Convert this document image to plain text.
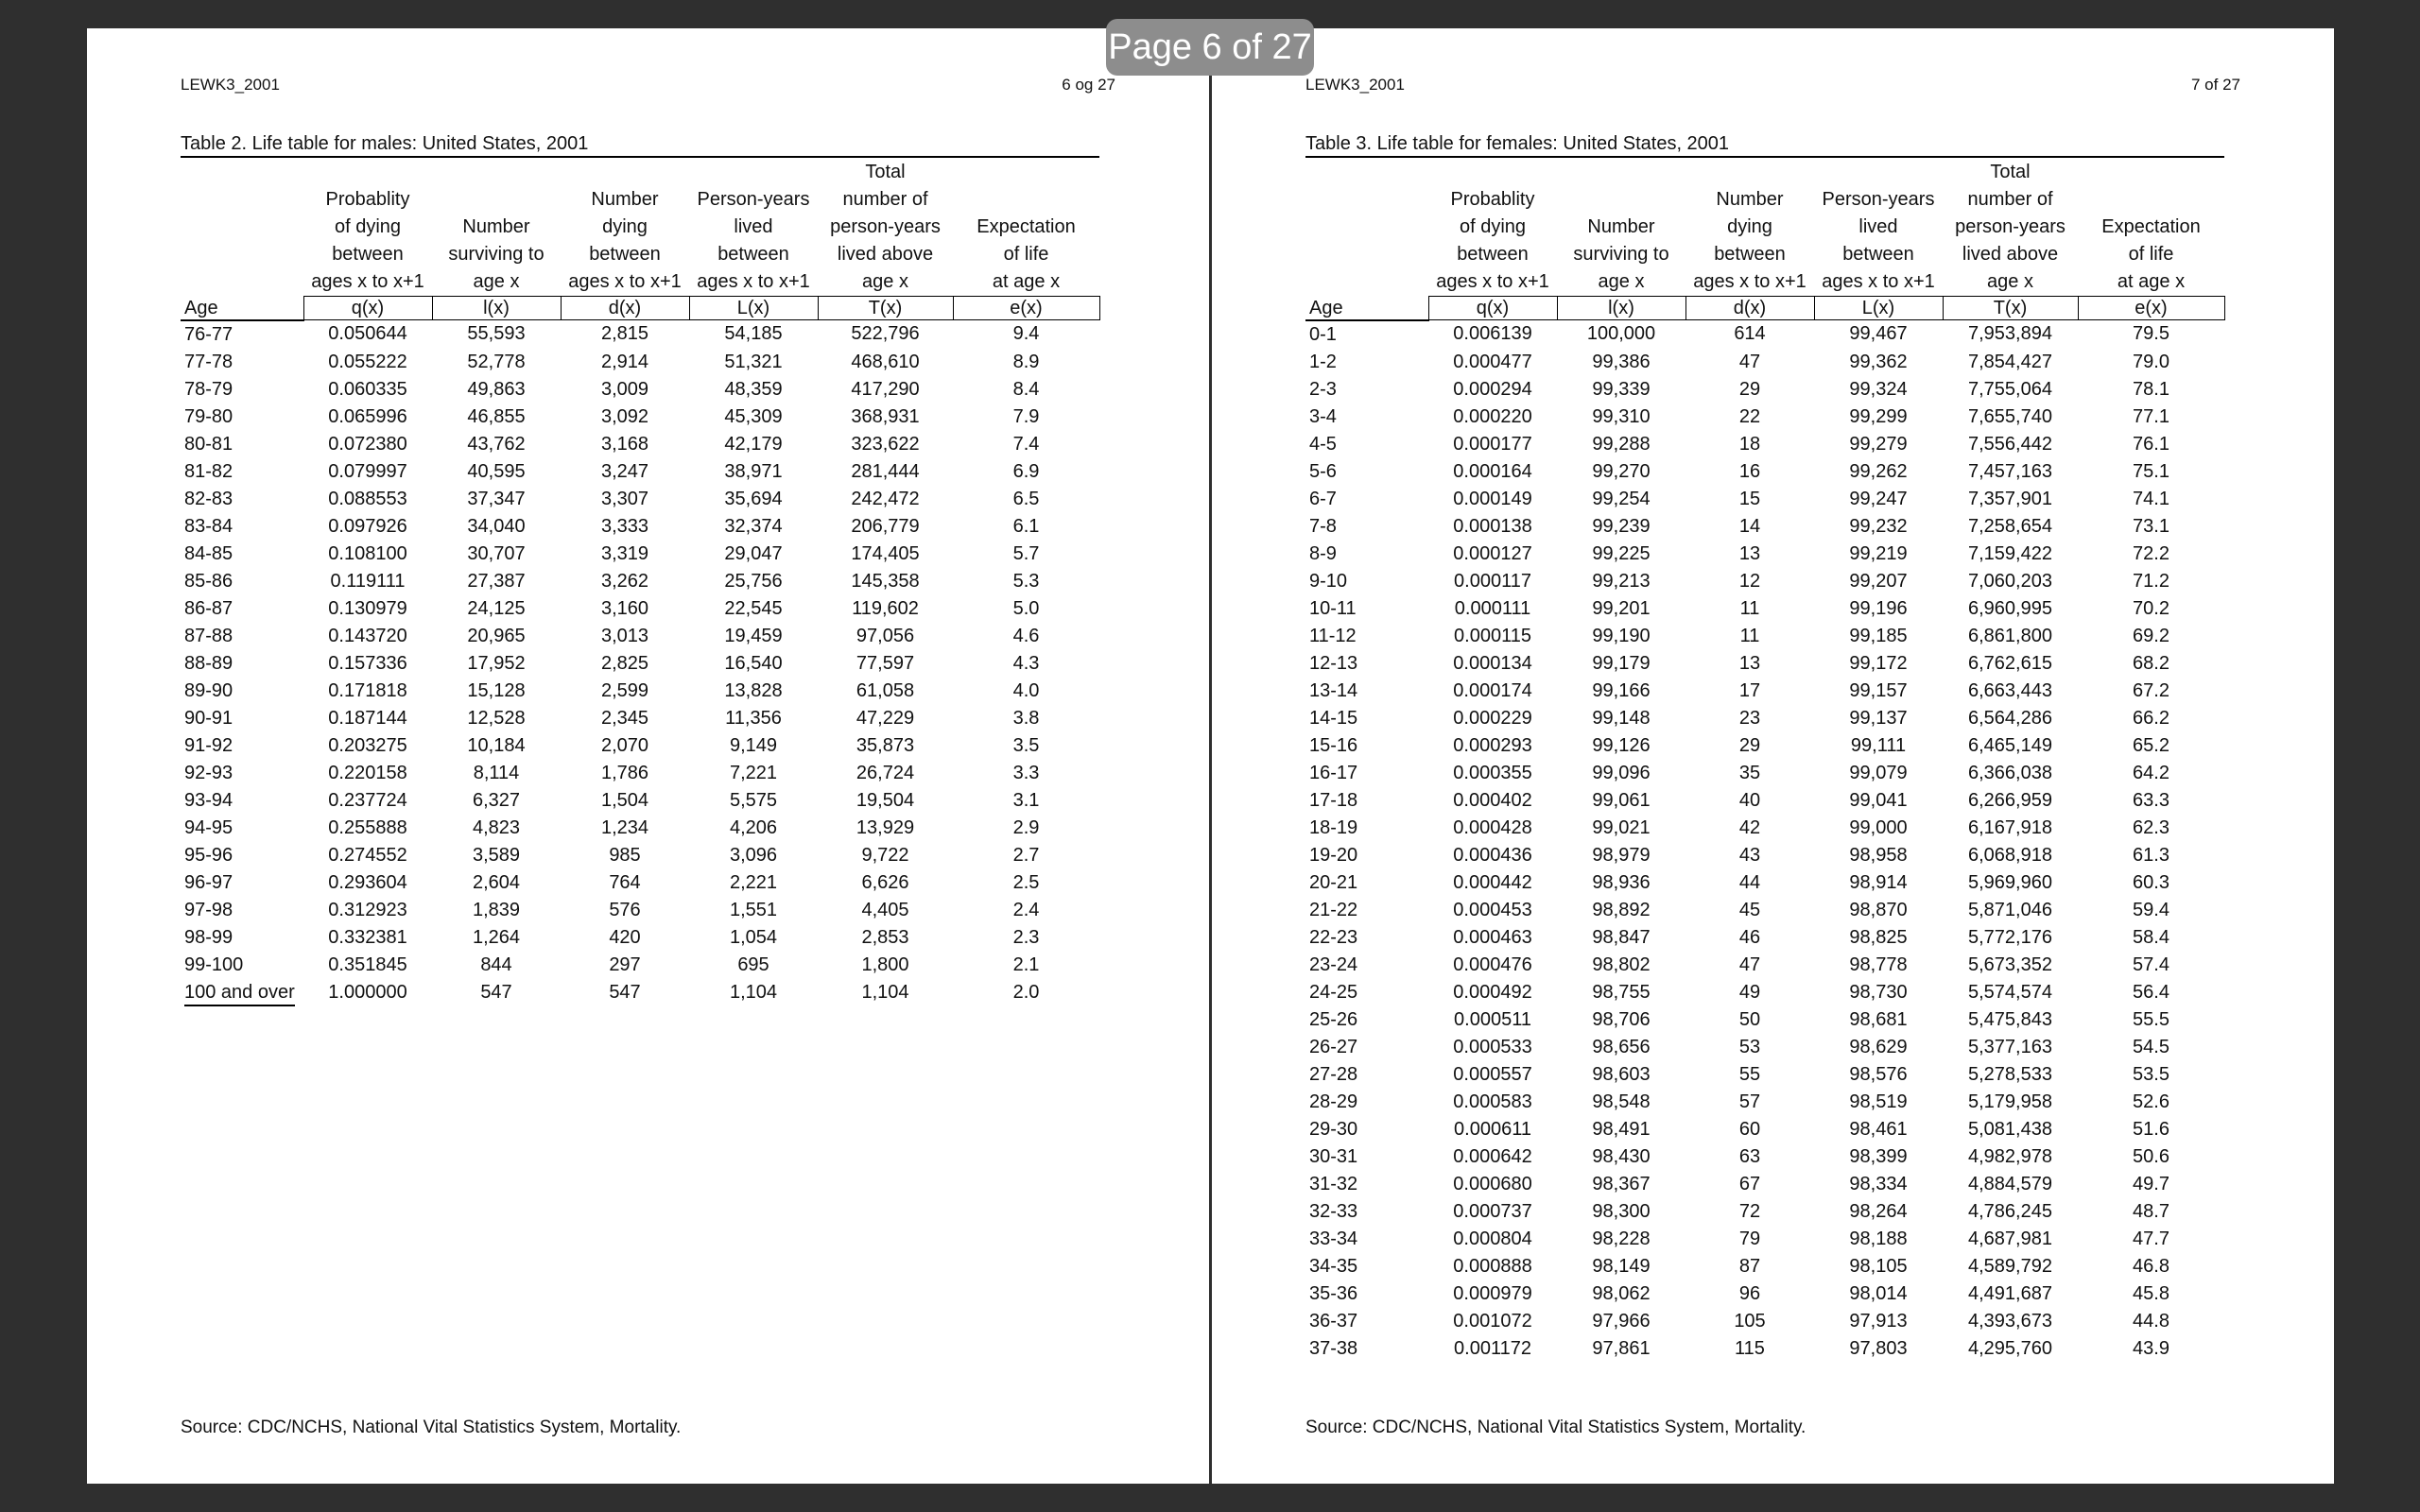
LEWK3_2001	6 og 27
Table 2. Life table for males: United States, 2001
					Total	
	Probablity		Number	Person-years	number of	
	of dying	Number	dying	lived	person-years	Expectation
	between	surviving to	between	between	lived above	of life
	ages x to x+1	age x	ages x to x+1	ages x to x+1	age x	at age x
Age	q(x)	l(x)	d(x)	L(x)	T(x)	e(x)
76-77	0.050644	55,593	2,815	54,185	522,796	9.4
77-78	0.055222	52,778	2,914	51,321	468,610	8.9
78-79	0.060335	49,863	3,009	48,359	417,290	8.4
79-80	0.065996	46,855	3,092	45,309	368,931	7.9
80-81	0.072380	43,762	3,168	42,179	323,622	7.4
81-82	0.079997	40,595	3,247	38,971	281,444	6.9
82-83	0.088553	37,347	3,307	35,694	242,472	6.5
83-84	0.097926	34,040	3,333	32,374	206,779	6.1
84-85	0.108100	30,707	3,319	29,047	174,405	5.7
85-86	0.119111	27,387	3,262	25,756	145,358	5.3
86-87	0.130979	24,125	3,160	22,545	119,602	5.0
87-88	0.143720	20,965	3,013	19,459	97,056	4.6
88-89	0.157336	17,952	2,825	16,540	77,597	4.3
89-90	0.171818	15,128	2,599	13,828	61,058	4.0
90-91	0.187144	12,528	2,345	11,356	47,229	3.8
91-92	0.203275	10,184	2,070	9,149	35,873	3.5
92-93	0.220158	8,114	1,786	7,221	26,724	3.3
93-94	0.237724	6,327	1,504	5,575	19,504	3.1
94-95	0.255888	4,823	1,234	4,206	13,929	2.9
95-96	0.274552	3,589	985	3,096	9,722	2.7
96-97	0.293604	2,604	764	2,221	6,626	2.5
97-98	0.312923	1,839	576	1,551	4,405	2.4
98-99	0.332381	1,264	420	1,054	2,853	2.3
99-100	0.351845	844	297	695	1,800	2.1
100 and over	1.000000	547	547	1,104	1,104	2.0
Source: CDC/NCHS, National Vital Statistics System, Mortality.
LEWK3_2001	7 of 27
Table 3. Life table for females: United States, 2001
					Total	
	Probablity		Number	Person-years	number of	
	of dying	Number	dying	lived	person-years	Expectation
	between	surviving to	between	between	lived above	of life
	ages x to x+1	age x	ages x to x+1	ages x to x+1	age x	at age x
Age	q(x)	l(x)	d(x)	L(x)	T(x)	e(x)
0-1	0.006139	100,000	614	99,467	7,953,894	79.5
1-2	0.000477	99,386	47	99,362	7,854,427	79.0
2-3	0.000294	99,339	29	99,324	7,755,064	78.1
3-4	0.000220	99,310	22	99,299	7,655,740	77.1
4-5	0.000177	99,288	18	99,279	7,556,442	76.1
5-6	0.000164	99,270	16	99,262	7,457,163	75.1
6-7	0.000149	99,254	15	99,247	7,357,901	74.1
7-8	0.000138	99,239	14	99,232	7,258,654	73.1
8-9	0.000127	99,225	13	99,219	7,159,422	72.2
9-10	0.000117	99,213	12	99,207	7,060,203	71.2
10-11	0.000111	99,201	11	99,196	6,960,995	70.2
11-12	0.000115	99,190	11	99,185	6,861,800	69.2
12-13	0.000134	99,179	13	99,172	6,762,615	68.2
13-14	0.000174	99,166	17	99,157	6,663,443	67.2
14-15	0.000229	99,148	23	99,137	6,564,286	66.2
15-16	0.000293	99,126	29	99,111	6,465,149	65.2
16-17	0.000355	99,096	35	99,079	6,366,038	64.2
17-18	0.000402	99,061	40	99,041	6,266,959	63.3
18-19	0.000428	99,021	42	99,000	6,167,918	62.3
19-20	0.000436	98,979	43	98,958	6,068,918	61.3
20-21	0.000442	98,936	44	98,914	5,969,960	60.3
21-22	0.000453	98,892	45	98,870	5,871,046	59.4
22-23	0.000463	98,847	46	98,825	5,772,176	58.4
23-24	0.000476	98,802	47	98,778	5,673,352	57.4
24-25	0.000492	98,755	49	98,730	5,574,574	56.4
25-26	0.000511	98,706	50	98,681	5,475,843	55.5
26-27	0.000533	98,656	53	98,629	5,377,163	54.5
27-28	0.000557	98,603	55	98,576	5,278,533	53.5
28-29	0.000583	98,548	57	98,519	5,179,958	52.6
29-30	0.000611	98,491	60	98,461	5,081,438	51.6
30-31	0.000642	98,430	63	98,399	4,982,978	50.6
31-32	0.000680	98,367	67	98,334	4,884,579	49.7
32-33	0.000737	98,300	72	98,264	4,786,245	48.7
33-34	0.000804	98,228	79	98,188	4,687,981	47.7
34-35	0.000888	98,149	87	98,105	4,589,792	46.8
35-36	0.000979	98,062	96	98,014	4,491,687	45.8
36-37	0.001072	97,966	105	97,913	4,393,673	44.8
37-38	0.001172	97,861	115	97,803	4,295,760	43.9
Source: CDC/NCHS, National Vital Statistics System, Mortality.
Page 6 of 27
